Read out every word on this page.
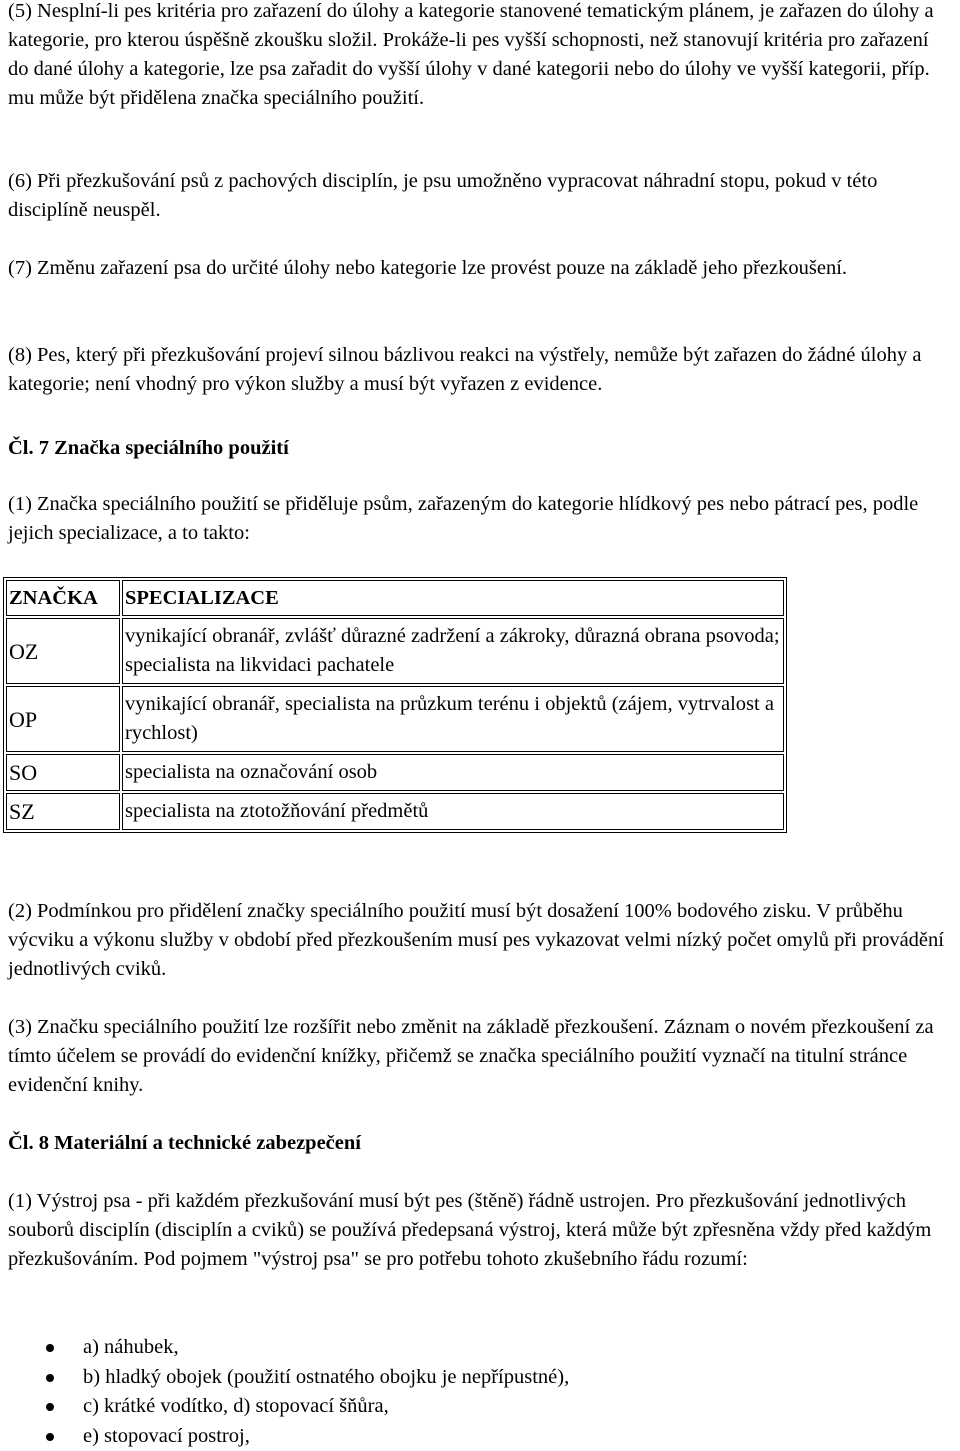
(5) Nesplní-li pes kritéria pro zařazení do úlohy a kategorie stanovené tematickým plánem, je zařazen do úlohy a kategorie, pro kterou úspěšně zkoušku složil. Prokáže-li pes vyšší schopnosti, než stanovují kritéria pro zařazení do dané úlohy a kategorie, lze psa zařadit do vyšší úlohy v dané kategorii nebo do úlohy ve vyšší kategorii, příp. mu může být přidělena značka speciálního použití.

(6) Při přezkušování psů z pachových disciplín, je psu umožněno vypracovat náhradní stopu, pokud v této disciplíně neuspěl.

(7) Změnu zařazení psa do určité úlohy nebo kategorie lze provést pouze na základě jeho přezkoušení.

(8) Pes, který při přezkušování projeví silnou bázlivou reakci na výstřely, nemůže být zařazen do žádné úlohy a kategorie; není vhodný pro výkon služby a musí být vyřazen z evidence.

Čl. 7 Značka speciálního použití

(1) Značka speciálního použití se přiděluje psům, zařazeným do kategorie hlídkový pes nebo pátrací pes, podle jejich specializace, a to takto:

ZNAČKA	SPECIALIZACE
OZ	vynikající obranář, zvlášť důrazné zadržení a zákroky, důrazná obrana psovoda; specialista na likvidaci pachatele
OP	vynikající obranář, specialista na průzkum terénu i objektů (zájem, vytrvalost a rychlost)
SO	specialista na označování osob
SZ	specialista na ztotožňování předmětů

(2) Podmínkou pro přidělení značky speciálního použití musí být dosažení 100% bodového zisku. V průběhu výcviku a výkonu služby v období před přezkoušením musí pes vykazovat velmi nízký počet omylů při provádění jednotlivých cviků.

(3) Značku speciálního použití lze rozšířit nebo změnit na základě přezkoušení. Záznam o novém přezkoušení za tímto účelem se provádí do evidenční knížky, přičemž se značka speciálního použití vyznačí na titulní stránce evidenční knihy.

Čl. 8 Materiální a technické zabezpečení

(1) Výstroj psa - při každém přezkušování musí být pes (štěně) řádně ustrojen. Pro přezkušování jednotlivých souborů disciplín (disciplín a cviků) se používá předepsaná výstroj, která může být zpřesněna vždy před každým přezkušováním. Pod pojmem "výstroj psa" se pro potřebu tohoto zkušebního řádu rozumí:

a) náhubek,
b) hladký obojek (použití ostnatého obojku je nepřípustné),
c) krátké vodítko, d) stopovací šňůra,
e) stopovací postroj,
